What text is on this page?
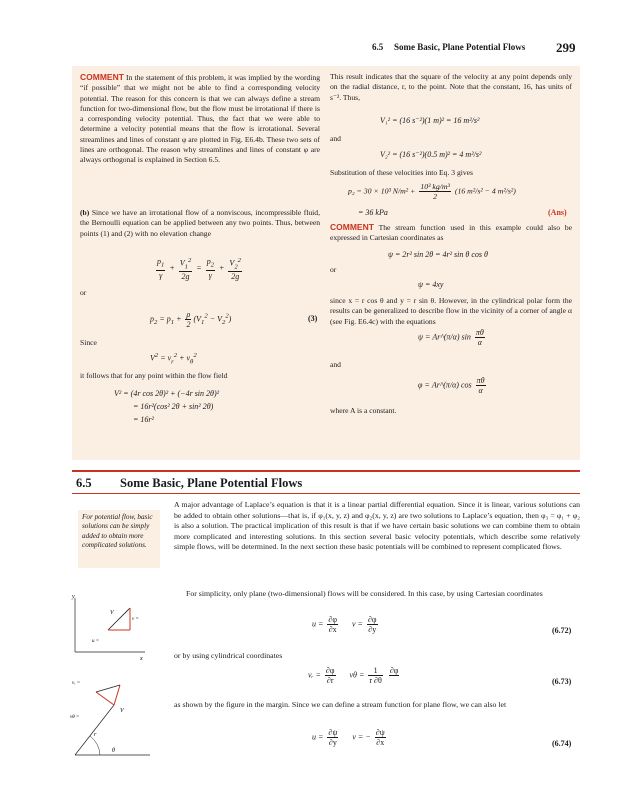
6.5 Some Basic, Plane Potential Flows 299
COMMENT In the statement of this problem, it was implied by the wording “if possible” that we might not be able to find a corresponding velocity potential. The reason for this concern is that we can always define a stream function for two-dimensional flow, but the flow must be irrotational if there is a corresponding velocity potential. Thus, the fact that we were able to determine a velocity potential means that the flow is irrotational. Several streamlines and lines of constant φ are plotted in Fig. E6.4b. These two sets of lines are orthogonal. The reason why streamlines and lines of constant φ are always orthogonal is explained in Section 6.5.
(b) Since we have an irrotational flow of a nonviscous, incompressible fluid, the Bernoulli equation can be applied between any two points. Thus, between points (1) and (2) with no elevation change
$\frac{p_1}{\gamma} + \frac{V_1^2}{2g} = \frac{p_2}{\gamma} + \frac{V_2^2}{2g}$
or
$p_2 = p_1 + \frac{\rho}{2} (V_1^2 - V_2^2)$	(3)
Since
$V^2 = v_r^2 + v_\theta^2$
it follows that for any point within the flow field
V² = (4r cos 2θ)² + (−4r sin 2θ)²
= 16r²(cos² 2θ + sin² 2θ)
= 16r²
This result indicates that the square of the velocity at any point depends only on the radial distance, r, to the point. Note that the constant, 16, has units of s⁻². Thus,
V₁² = (16 s⁻²)(1 m)² = 16 m²/s²
and
V₂² = (16 s⁻²)(0.5 m)² = 4 m²/s²
Substitution of these velocities into Eq. 3 gives
p₂ = 30 × 10³ $N/m^2 + \frac{\text{10³ kg/m³}}{2} (16$ m²/s² − 4 m²/s²)
= 36 kPa	(Ans)
COMMENT The stream function used in this example could also be expressed in Cartesian coordinates as
ψ = 2r² sin 2θ = 4r² sin θ cos θ
or
ψ = 4xy
since x = r cos θ and y = r sin θ. However, in the cylindrical polar form the results can be generalized to describe flow in the vicinity of a corner of angle α (see Fig. E6.4c) with the equations
ψ = Ar^(π/α) $\sin \frac{\pi\theta}{\alpha}$
and
φ = Ar^(π/α) $\cos \frac{\pi\theta}{\alpha}$
where A is a constant.
6.5 Some Basic, Plane Potential Flows
For potential flow, basic solutions can be simply added to obtain more complicated solutions.
A major advantage of Laplace’s equation is that it is a linear partial differential equation. Since it is linear, various solutions can be added to obtain other solutions—that is, if φ₁(x, y, z) and φ₂(x, y, z) are two solutions to Laplace’s equation, then φ₃ = φ₁ + φ₂ is also a solution. The practical implication of this result is that if we have certain basic solutions we can combine them to obtain more complicated and interesting solutions. In this section several basic velocity potentials, which describe some relatively simple flows, will be determined. In the next section these basic potentials will be combined to represent complicated flows.
For simplicity, only plane (two-dimensional) flows will be considered. In this case, by using Cartesian coordinates
$u = \frac{\partial\varphi}{\partial x}$ $v = \frac{\partial\varphi}{\partial y}$	(6.72)
or by using cylindrical coordinates
vᵣ = $\frac{\partial\varphi}{\partial r}$ $v\theta = \frac{1}{r \partial\theta}$
∂φ
(6.73)
as shown by the figure in the margin. Since we can define a stream function for plane flow, we can also let
$u = \frac{\partial\psi}{\partial y}$ v = − $\frac{\partial\psi}{\partial x}$	(6.74)
y
x
V
v =
u =
V
vᵣ =
vθ =
r
θ
